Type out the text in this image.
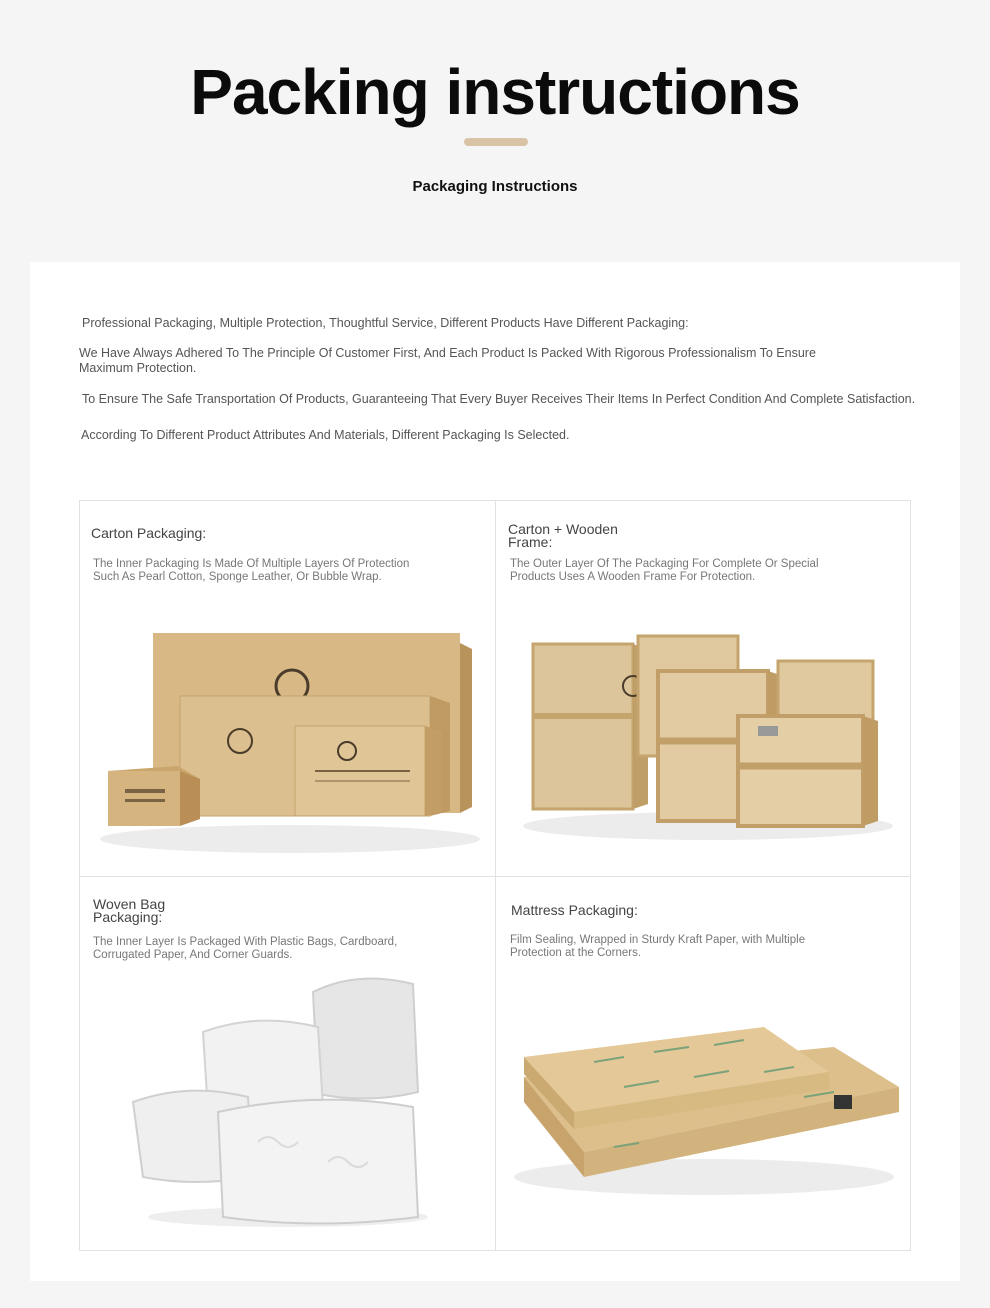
Packing instructions
Packaging Instructions

Professional Packaging, Multiple Protection, Thoughtful Service, Different Products Have Different Packaging:

We Have Always Adhered To The Principle Of Customer First, And Each Product Is Packed With Rigorous Professionalism To Ensure Maximum Protection.

To Ensure The Safe Transportation Of Products, Guaranteeing That Every Buyer Receives Their Items In Perfect Condition And Complete Satisfaction.

According To Different Product Attributes And Materials, Different Packaging Is Selected.

Carton Packaging:

The Inner Packaging Is Made Of Multiple Layers Of Protection Such As Pearl Cotton, Sponge Leather, Or Bubble Wrap.

Carton + Wooden Frame:

The Outer Layer Of The Packaging For Complete Or Special Products Uses A Wooden Frame For Protection.

Woven Bag Packaging:

The Inner Layer Is Packaged With Plastic Bags, Cardboard, Corrugated Paper, And Corner Guards.

Mattress Packaging:

Film Sealing, Wrapped in Sturdy Kraft Paper, with Multiple Protection at the Corners.
